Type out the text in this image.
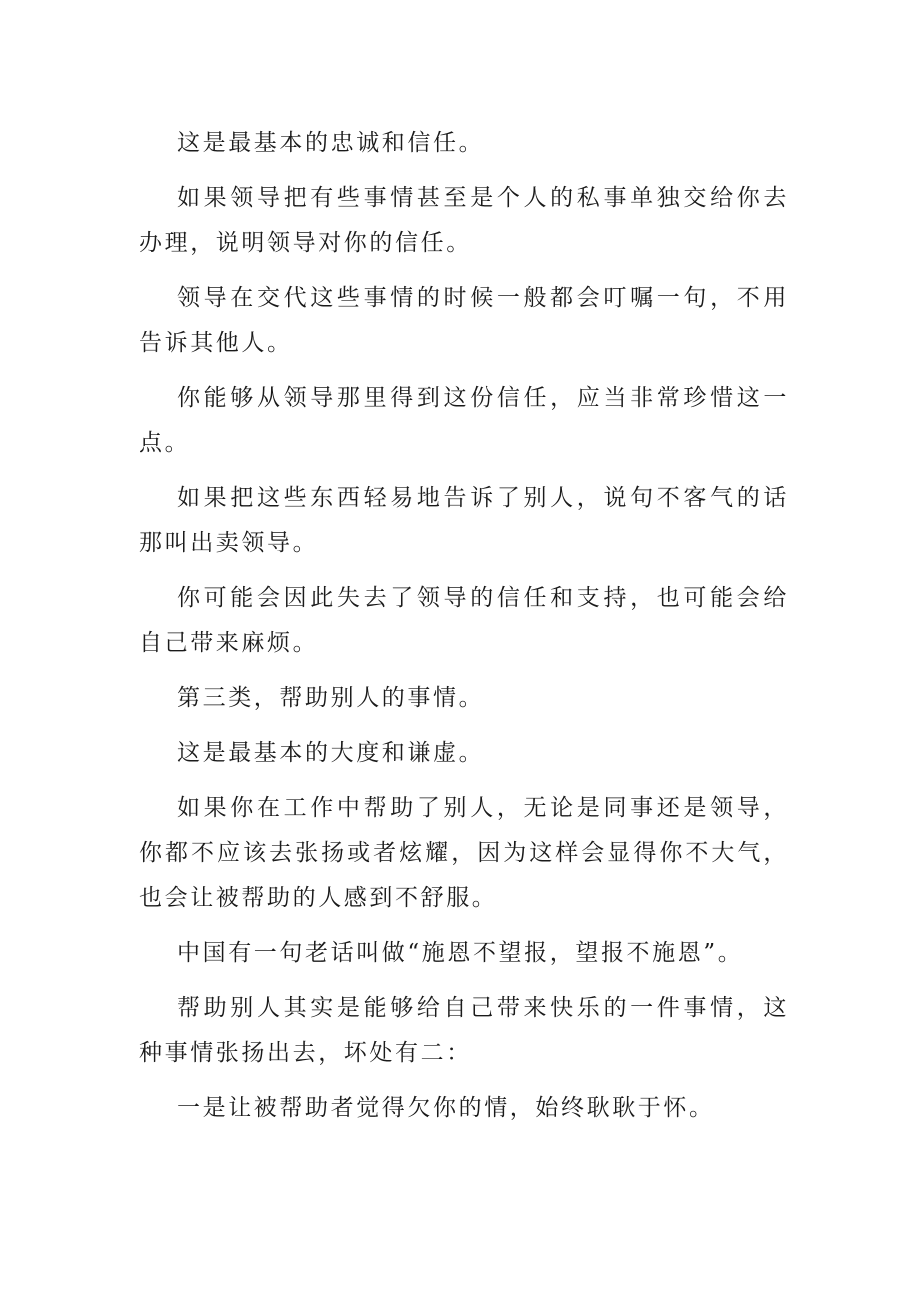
这是最基本的忠诚和信任。

如果领导把有些事情甚至是个人的私事单独交给你去办理，说明领导对你的信任。

领导在交代这些事情的时候一般都会叮嘱一句，不用告诉其他人。

你能够从领导那里得到这份信任，应当非常珍惜这一点。

如果把这些东西轻易地告诉了别人，说句不客气的话那叫出卖领导。

你可能会因此失去了领导的信任和支持，也可能会给自己带来麻烦。

第三类，帮助别人的事情。

这是最基本的大度和谦虚。

如果你在工作中帮助了别人，无论是同事还是领导，你都不应该去张扬或者炫耀，因为这样会显得你不大气，也会让被帮助的人感到不舒服。

中国有一句老话叫做“施恩不望报，望报不施恩”。

帮助别人其实是能够给自己带来快乐的一件事情，这种事情张扬出去，坏处有二：

一是让被帮助者觉得欠你的情，始终耿耿于怀。
